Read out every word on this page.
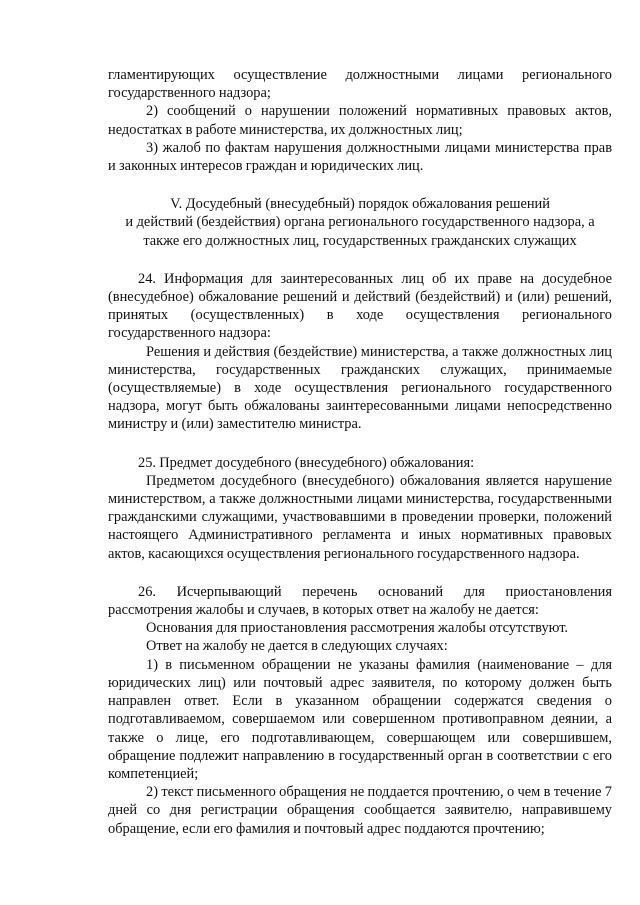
гламентирующих осуществление должностными лицами регионального государственного надзора;

2) сообщений о нарушении положений нормативных правовых актов, недостатках в работе министерства, их должностных лиц;

3) жалоб по фактам нарушения должностными лицами министерства прав и законных интересов граждан и юридических лиц.

V. Досудебный (внесудебный) порядок обжалования решений
и действий (бездействия) органа регионального государственного надзора, а
также его должностных лиц, государственных гражданских служащих

24. Информация для заинтересованных лиц об их праве на досудебное (внесудебное) обжалование решений и действий (бездействий) и (или) решений, принятых (осуществленных) в ходе осуществления регионального государственного надзора:

Решения и действия (бездействие) министерства, а также должностных лиц министерства, государственных гражданских служащих, принимаемые (осуществляемые) в ходе осуществления регионального государственного надзора, могут быть обжалованы заинтересованными лицами непосредственно министру и (или) заместителю министра.

25. Предмет досудебного (внесудебного) обжалования:

Предметом досудебного (внесудебного) обжалования является нарушение министерством, а также должностными лицами министерства, государственными гражданскими служащими, участвовавшими в проведении проверки, положений настоящего Административного регламента и иных нормативных правовых актов, касающихся осуществления регионального государственного надзора.

26. Исчерпывающий перечень оснований для приостановления рассмотрения жалобы и случаев, в которых ответ на жалобу не дается:

Основания для приостановления рассмотрения жалобы отсутствуют.

Ответ на жалобу не дается в следующих случаях:

1) в письменном обращении не указаны фамилия (наименование – для юридических лиц) или почтовый адрес заявителя, по которому должен быть направлен ответ. Если в указанном обращении содержатся сведения о подготавливаемом, совершаемом или совершенном противоправном деянии, а также о лице, его подготавливающем, совершающем или совершившем, обращение подлежит направлению в государственный орган в соответствии с его компетенцией;

2) текст письменного обращения не поддается прочтению, о чем в течение 7 дней со дня регистрации обращения сообщается заявителю, направившему обращение, если его фамилия и почтовый адрес поддаются прочтению;
